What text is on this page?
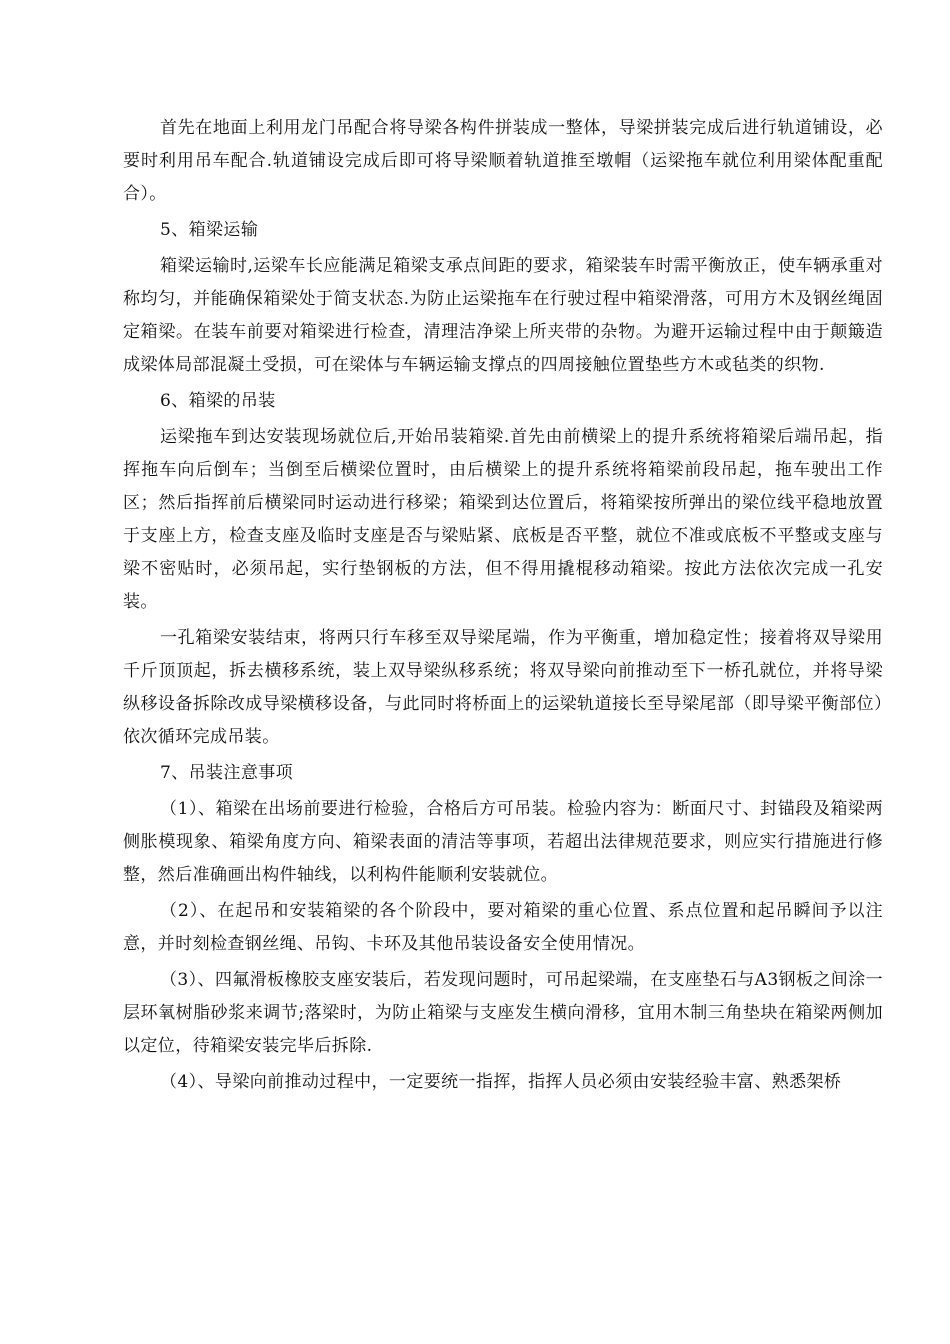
首先在地面上利用龙门吊配合将导梁各构件拼装成一整体，导梁拼装完成后进行轨道铺设，必要时利用吊车配合.轨道铺设完成后即可将导梁顺着轨道推至墩帽（运梁拖车就位利用梁体配重配合）。

5、箱梁运输

箱梁运输时,运梁车长应能满足箱梁支承点间距的要求，箱梁装车时需平衡放正，使车辆承重对称均匀，并能确保箱梁处于简支状态.为防止运梁拖车在行驶过程中箱梁滑落，可用方木及钢丝绳固定箱梁。在装车前要对箱梁进行检查，清理洁净梁上所夹带的杂物。为避开运输过程中由于颠簸造成梁体局部混凝土受损，可在梁体与车辆运输支撑点的四周接触位置垫些方木或毡类的织物.

6、箱梁的吊装

运梁拖车到达安装现场就位后,开始吊装箱梁.首先由前横梁上的提升系统将箱梁后端吊起，指挥拖车向后倒车；当倒至后横梁位置时，由后横梁上的提升系统将箱梁前段吊起，拖车驶出工作区；然后指挥前后横梁同时运动进行移梁；箱梁到达位置后，将箱梁按所弹出的梁位线平稳地放置于支座上方，检查支座及临时支座是否与梁贴紧、底板是否平整，就位不准或底板不平整或支座与梁不密贴时，必须吊起，实行垫钢板的方法，但不得用撬棍移动箱梁。按此方法依次完成一孔安装。

一孔箱梁安装结束，将两只行车移至双导梁尾端，作为平衡重，增加稳定性；接着将双导梁用千斤顶顶起，拆去横移系统，装上双导梁纵移系统；将双导梁向前推动至下一桥孔就位，并将导梁纵移设备拆除改成导梁横移设备，与此同时将桥面上的运梁轨道接长至导梁尾部（即导梁平衡部位）依次循环完成吊装。

7、吊装注意事项

（1）、箱梁在出场前要进行检验，合格后方可吊装。检验内容为：断面尺寸、封锚段及箱梁两侧胀模现象、箱梁角度方向、箱梁表面的清洁等事项，若超出法律规范要求，则应实行措施进行修整，然后准确画出构件轴线，以利构件能顺利安装就位。

（2）、在起吊和安装箱梁的各个阶段中，要对箱梁的重心位置、系点位置和起吊瞬间予以注意，并时刻检查钢丝绳、吊钩、卡环及其他吊装设备安全使用情况。

（3）、四氟滑板橡胶支座安装后，若发现问题时，可吊起梁端，在支座垫石与A3钢板之间涂一层环氧树脂砂浆来调节;落梁时，为防止箱梁与支座发生横向滑移，宜用木制三角垫块在箱梁两侧加以定位，待箱梁安装完毕后拆除.

（4）、导梁向前推动过程中，一定要统一指挥，指挥人员必须由安装经验丰富、熟悉架桥
